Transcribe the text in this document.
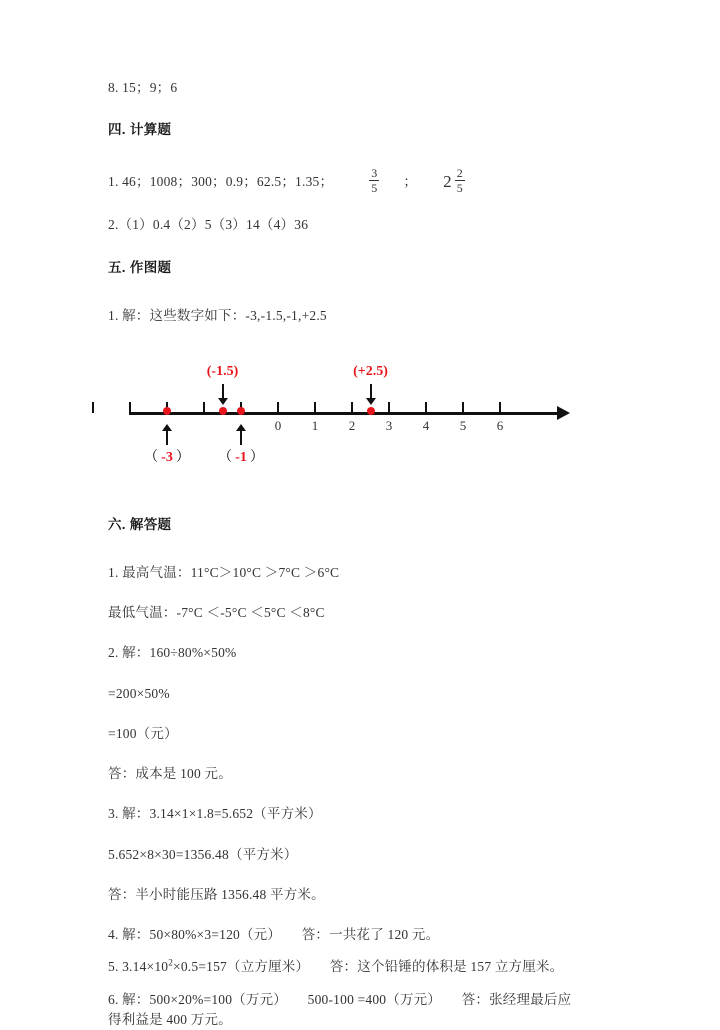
8. 15；9；6
四. 计算题
1. 46；1008；300；0.9；62.5；1.35；	$\frac{3}{5}$ ； $2 \frac{2}{5}$
2.（1）0.4（2）5（3）14（4）36
五. 作图题
1. 解：这些数字如下：-3,-1.5,-1,+2.5
0 1 2 3 4 5 6
（ -3 ）
(-1.5)
（ -1 ）
(+2.5)
六. 解答题
1. 最高气温：11°C＞10°C ＞7°C ＞6°C
最低气温：-7°C ＜-5°C ＜5°C ＜8°C
2. 解：160÷80%×50%
=200×50%
=100（元）
答：成本是 100 元。
3. 解：3.14×1×1.8=5.652（平方米）
5.652×8×30=1356.48（平方米）
答：半小时能压路 1356.48 平方米。
4. 解：50×80%×3=120（元）　　答：一共花了 120 元。
5. $3.14\times 10^2\times 0.5=157$（立方厘米）　　答：这个铅锤的体积是 157 立方厘米。
6. 解：500×20%=100（万元）　　500-100 =400（万元）　　答：张经理最后应
得利益是 400 万元。
